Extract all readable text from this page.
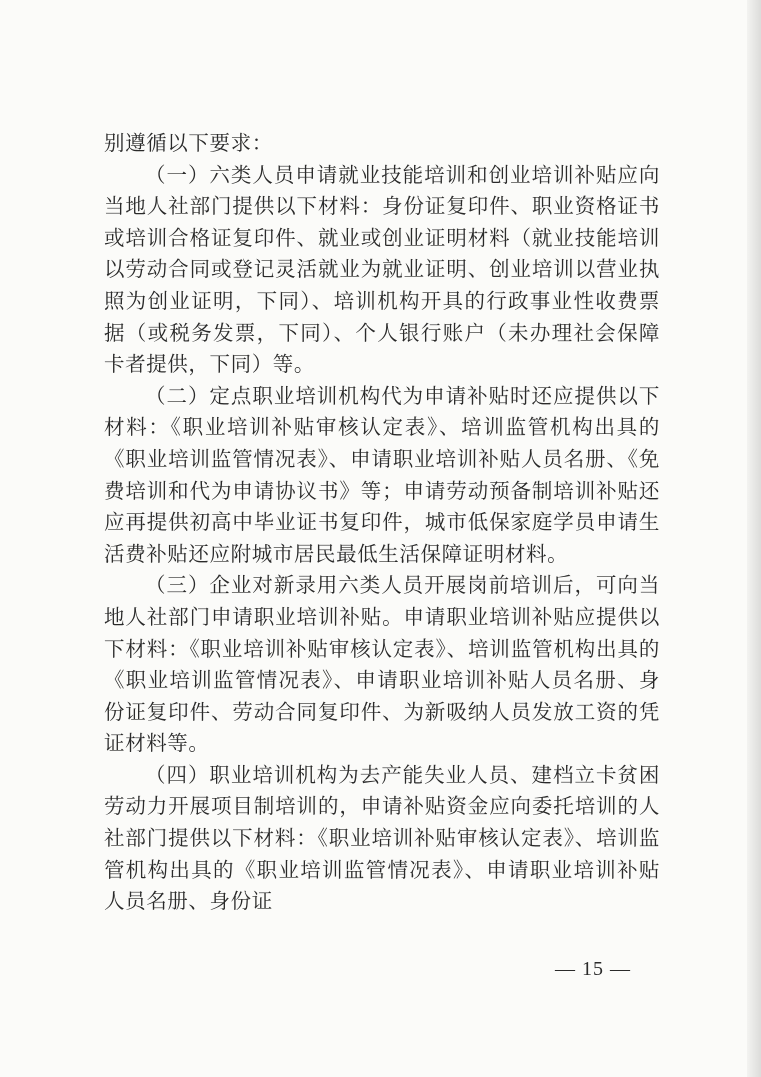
别遵循以下要求：

（一）六类人员申请就业技能培训和创业培训补贴应向当地人社部门提供以下材料：身份证复印件、职业资格证书或培训合格证复印件、就业或创业证明材料（就业技能培训以劳动合同或登记灵活就业为就业证明、创业培训以营业执照为创业证明，下同）、培训机构开具的行政事业性收费票据（或税务发票，下同）、个人银行账户（未办理社会保障卡者提供，下同）等。

（二）定点职业培训机构代为申请补贴时还应提供以下材料：《职业培训补贴审核认定表》、培训监管机构出具的《职业培训监管情况表》、申请职业培训补贴人员名册、《免费培训和代为申请协议书》等；申请劳动预备制培训补贴还应再提供初高中毕业证书复印件，城市低保家庭学员申请生活费补贴还应附城市居民最低生活保障证明材料。

（三）企业对新录用六类人员开展岗前培训后，可向当地人社部门申请职业培训补贴。申请职业培训补贴应提供以下材料：《职业培训补贴审核认定表》、培训监管机构出具的《职业培训监管情况表》、申请职业培训补贴人员名册、身份证复印件、劳动合同复印件、为新吸纳人员发放工资的凭证材料等。

（四）职业培训机构为去产能失业人员、建档立卡贫困劳动力开展项目制培训的，申请补贴资金应向委托培训的人社部门提供以下材料：《职业培训补贴审核认定表》、培训监管机构出具的《职业培训监管情况表》、申请职业培训补贴人员名册、身份证

— 15 —
